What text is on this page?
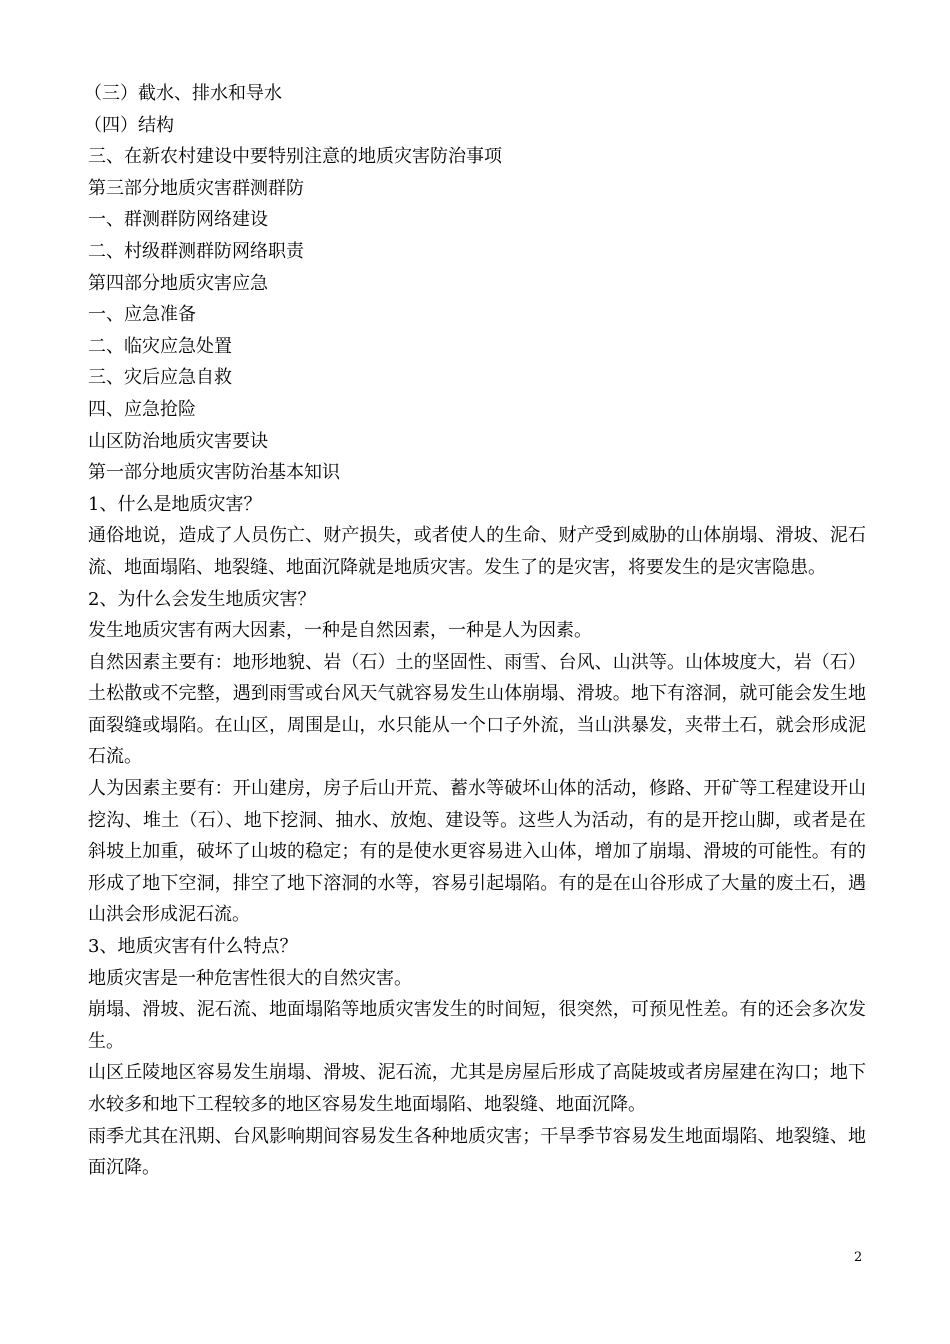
（三）截水、排水和导水

（四）结构

三、在新农村建设中要特别注意的地质灾害防治事项

第三部分地质灾害群测群防

一、群测群防网络建设

二、村级群测群防网络职责

第四部分地质灾害应急

一、应急准备

二、临灾应急处置

三、灾后应急自救

四、应急抢险

山区防治地质灾害要诀

第一部分地质灾害防治基本知识

1、什么是地质灾害？

通俗地说，造成了人员伤亡、财产损失，或者使人的生命、财产受到威胁的山体崩塌、滑坡、泥石流、地面塌陷、地裂缝、地面沉降就是地质灾害。发生了的是灾害，将要发生的是灾害隐患。

2、为什么会发生地质灾害？

发生地质灾害有两大因素，一种是自然因素，一种是人为因素。

自然因素主要有：地形地貌、岩（石）土的坚固性、雨雪、台风、山洪等。山体坡度大，岩（石）土松散或不完整，遇到雨雪或台风天气就容易发生山体崩塌、滑坡。地下有溶洞，就可能会发生地面裂缝或塌陷。在山区，周围是山，水只能从一个口子外流，当山洪暴发，夹带土石，就会形成泥石流。

人为因素主要有：开山建房，房子后山开荒、蓄水等破坏山体的活动，修路、开矿等工程建设开山挖沟、堆土（石）、地下挖洞、抽水、放炮、建设等。这些人为活动，有的是开挖山脚，或者是在斜坡上加重，破坏了山坡的稳定；有的是使水更容易进入山体，增加了崩塌、滑坡的可能性。有的形成了地下空洞，排空了地下溶洞的水等，容易引起塌陷。有的是在山谷形成了大量的废土石，遇山洪会形成泥石流。

3、地质灾害有什么特点？

地质灾害是一种危害性很大的自然灾害。

崩塌、滑坡、泥石流、地面塌陷等地质灾害发生的时间短，很突然，可预见性差。有的还会多次发生。

山区丘陵地区容易发生崩塌、滑坡、泥石流，尤其是房屋后形成了高陡坡或者房屋建在沟口；地下水较多和地下工程较多的地区容易发生地面塌陷、地裂缝、地面沉降。

雨季尤其在汛期、台风影响期间容易发生各种地质灾害；干旱季节容易发生地面塌陷、地裂缝、地面沉降。

2
